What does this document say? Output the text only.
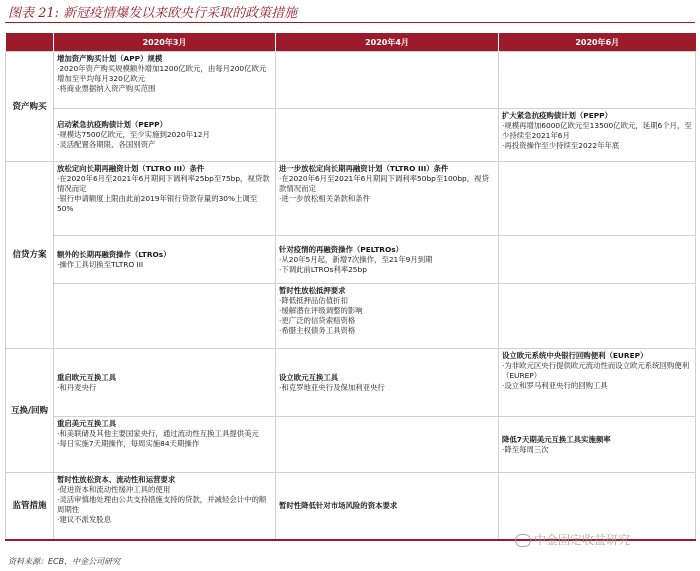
图表 21: 新冠疫情爆发以来欧央行采取的政策措施
	2020年3月	2020年4月	2020年6月
资产购买	增加资产购买计划（APP）规模
·2020年资产购买规模额外增加1200亿欧元，由每月200亿欧元增加至平均每月320亿欧元
·将商业票据纳入资产购买范围		

	启动紧急抗疫购债计划（PEPP）
·规模达7500亿欧元，至少实施到2020年12月
·灵活配置各期限、各国别资产		扩大紧急抗疫购债计划（PEPP）
·规模再增加6000亿欧元至13500亿欧元，延期6个月，至少持续至2021年6月
·再投资操作至少持续至2022年年底

信贷方案	放松定向长期再融资计划（TLTRO III）条件
·在2020年6月至2021年6月期间下调利率25bp至75bp，视贷款情况而定
·银行申请额度上限由此前2019年银行贷款存量的30%上调至50%	进一步放松定向长期再融资计划（TLTRO III）条件
·在2020年6月至2021年6月期间下调利率50bp至100bp，视贷款情况而定
·进一步放松相关条款和条件	

	额外的长期再融资操作（LTROs）
·操作工具切换至TLTRO III	针对疫情的再融资操作（PELTROs）
·从20年5月起，新增7次操作，至21年9月到期
·下调此前LTROs利率25bp	

		暂时性放松抵押要求
·降低抵押品估值折扣
·缓解潜在评级调整的影响
·更广泛的信贷索赔资格
·希腊主权债务工具资格	

互换/回购	重启欧元互换工具
·和丹麦央行	设立欧元互换工具
·和克罗地亚央行及保加利亚央行	设立欧元系统中央银行回购便利（EUREP）
·为非欧元区央行提供欧元流动性而设立欧元系统回购便利（EUREP）
·设立和罗马利亚央行的回购工具

	重启美元互换工具
·和美联储及其他主要国家央行，通过流动性互换工具提供美元
·每日实施7天期操作，每周实施84天期操作		降低7天期美元互换工具实施频率
·降至每周三次

监管措施	暂时性放松资本、流动性和运营要求
·促进资本和流动性缓冲工具的使用
·灵活审慎地处理由公共支持措施支持的贷款，并减轻会计中的顺周期性
·建议不派发股息	暂时性降低针对市场风险的资本要求	

中金固定收益研究
资料来源：ECB，中金公司研究
